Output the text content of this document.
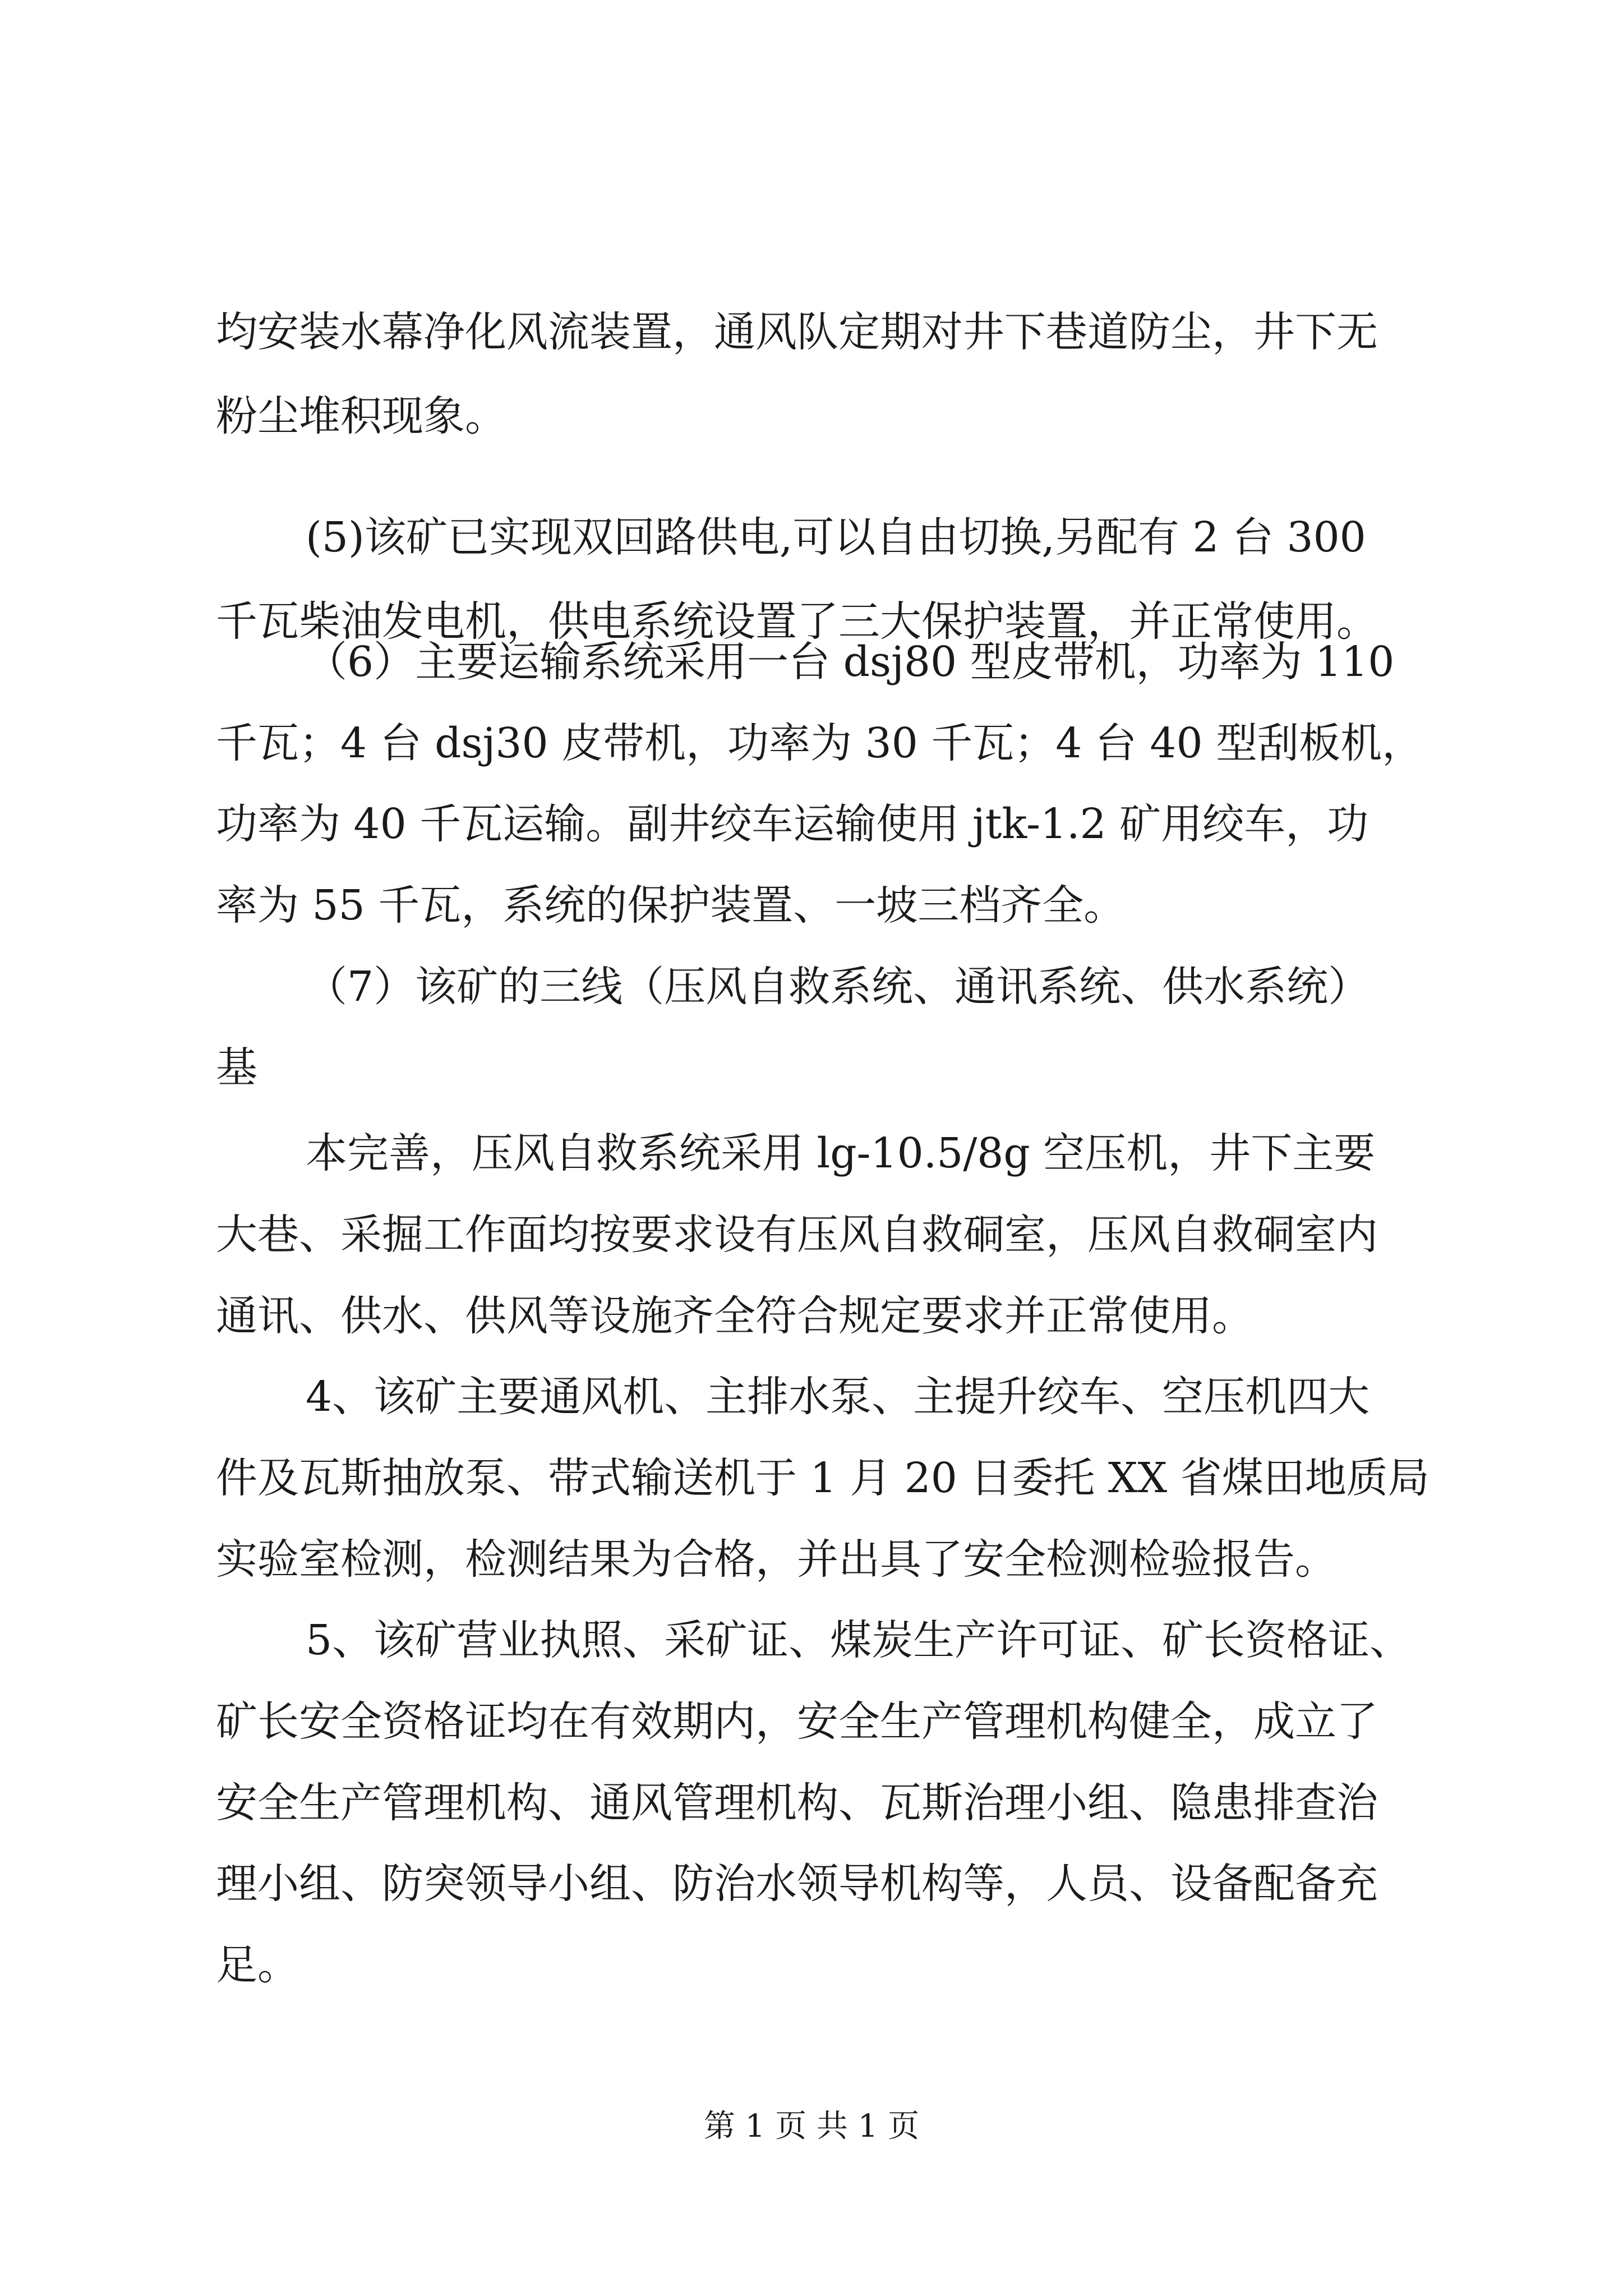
均安装水幕净化风流装置，通风队定期对井下巷道防尘，井下无
粉尘堆积现象。
(5)该矿已实现双回路供电,可以自由切换,另配有 2 台 300
千瓦柴油发电机，供电系统设置了三大保护装置，并正常使用。
（6）主要运输系统采用一台 dsj80 型皮带机，功率为 110
千瓦；4 台 dsj30 皮带机，功率为 30 千瓦；4 台 40 型刮板机，
功率为 40 千瓦运输。副井绞车运输使用 jtk-1.2 矿用绞车，功
率为 55 千瓦，系统的保护装置、一坡三档齐全。
（7）该矿的三线（压风自救系统、通讯系统、供水系统）
基
本完善，压风自救系统采用 lg-10.5/8g 空压机，井下主要
大巷、采掘工作面均按要求设有压风自救硐室，压风自救硐室内
通讯、供水、供风等设施齐全符合规定要求并正常使用。
4、该矿主要通风机、主排水泵、主提升绞车、空压机四大
件及瓦斯抽放泵、带式输送机于 1 月 20 日委托 XX 省煤田地质局
实验室检测，检测结果为合格，并出具了安全检测检验报告。
5、该矿营业执照、采矿证、煤炭生产许可证、矿长资格证、
矿长安全资格证均在有效期内，安全生产管理机构健全，成立了
安全生产管理机构、通风管理机构、瓦斯治理小组、隐患排查治
理小组、防突领导小组、防治水领导机构等，人员、设备配备充
足。
第 1 页 共 1 页
